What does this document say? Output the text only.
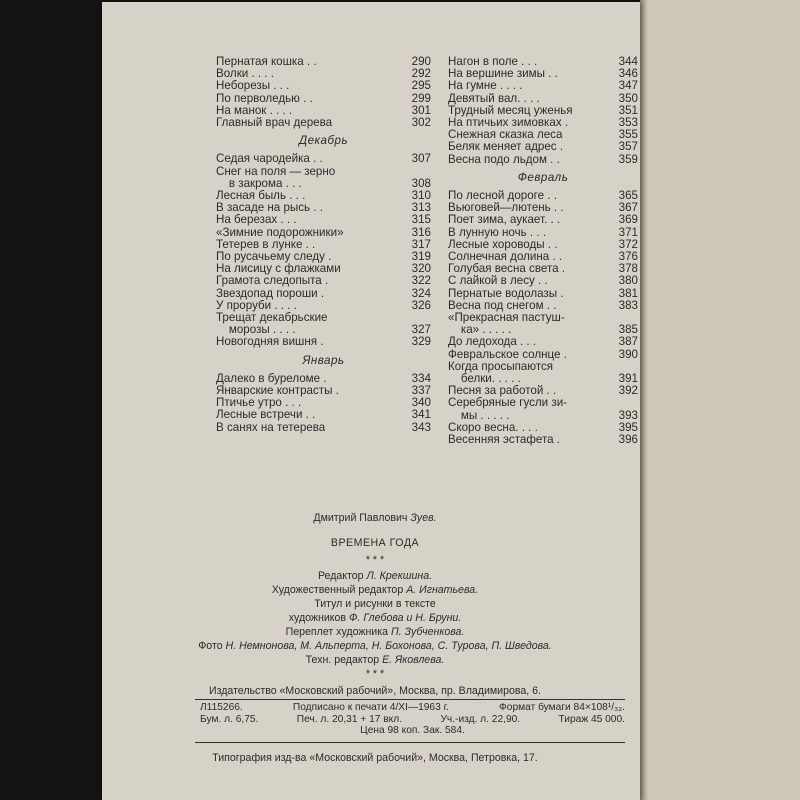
Пернатая кошка . .	290
Волки . . . .	292
Неборезы . . .	295
По перволедью . .	299
На манок . . . .	301
Главный врач дерева	302
Декабрь
Седая чародейка . .	307
Снег на поля — зерно
в закрома . . .	308
Лесная быль . . .	310
В засаде на рысь . .	313
На березах . . .	315
«Зимние подорожники»	316
Тетерев в лунке . .	317
По русачьему следу .	319
На лисицу с флажками	320
Грамота следопыта .	322
Звездопад пороши .	324
У проруби . . . .	326
Трещат декабрьские
морозы . . . .	327
Новогодняя вишня .	329
Январь
Далеко в буреломе .	334
Январские контрасты .	337
Птичье утро . . .	340
Лесные встречи . .	341
В санях на тетерева	343
Нагон в поле . . .	344
На вершине зимы . .	346
На гумне . . . .	347
Девятый вал. . . .	350
Трудный месяц уженья	351
На птичьих зимовках .	353
Снежная сказка леса	355
Беляк меняет адрес .	357
Весна подо льдом . .	359
Февраль
По лесной дороге . .	365
Вьюговей—лютень . .	367
Поет зима, аукает. . .	369
В лунную ночь . . .	371
Лесные хороводы . .	372
Солнечная долина . .	376
Голубая весна света .	378
С лайкой в лесу . .	380
Пернатые водолазы .	381
Весна под снегом . .	383
«Прекрасная пастуш-
ка» . . . . .	385
До ледохода . . .	387
Февральское солнце .	390
Когда просыпаются
белки. . . . .	391
Песня за работой . .	392
Серебряные гусли зи-
мы . . . . .	393
Скоро весна. . . .	395
Весенняя эстафета .	396
Дмитрий Павлович Зуев.
ВРЕМЕНА ГОДА
* * *
Редактор Л. Крекшина.
Художественный редактор А. Игнатьева.
Титул и рисунки в тексте
художников Ф. Глебова и Н. Бруни.
Переплет художника П. Зубченкова.
Фото Н. Немнонова, М. Альперта, Н. Бохонова, С. Турова, П. Шведова.
Техн. редактор Е. Яковлева.
* * *
Издательство «Московский рабочий», Москва, пр. Владимирова, 6.
Л115266.	Подписано к печати 4/XI—1963 г.	Формат бумаги 84×108¹/₃₂.
Бум. л. 6,75.	Печ. л. 20,31 + 17 вкл.	Уч.-изд. л. 22,90.	Тираж 45 000.
Цена 98 коп. Зак. 584.
Типография изд-ва «Московский рабочий», Москва, Петровка, 17.
